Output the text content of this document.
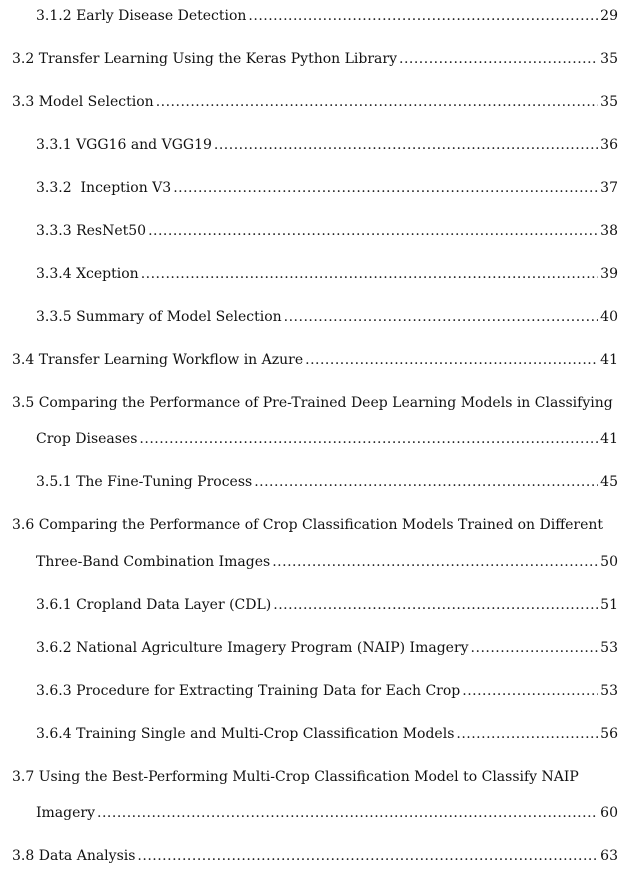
3.1.2 Early Disease Detection .....	29
3.2 Transfer Learning Using the Keras Python Library .....	35
3.3 Model Selection .....	35
3.3.1 VGG16 and VGG19 .....	36
3.3.2  Inception V3 .....	37
3.3.3 ResNet50 .....	38
3.3.4 Xception .....	39
3.3.5 Summary of Model Selection .....	40
3.4 Transfer Learning Workflow in Azure .....	41
3.5 Comparing the Performance of Pre-Trained Deep Learning Models in Classifying
Crop Diseases .....	41
3.5.1 The Fine-Tuning Process .....	45
3.6 Comparing the Performance of Crop Classification Models Trained on Different
Three-Band Combination Images .....	50
3.6.1 Cropland Data Layer (CDL) .....	51
3.6.2 National Agriculture Imagery Program (NAIP) Imagery .....	53
3.6.3 Procedure for Extracting Training Data for Each Crop .....	53
3.6.4 Training Single and Multi-Crop Classification Models .....	56
3.7 Using the Best-Performing Multi-Crop Classification Model to Classify NAIP
Imagery .....	60
3.8 Data Analysis .....	63
